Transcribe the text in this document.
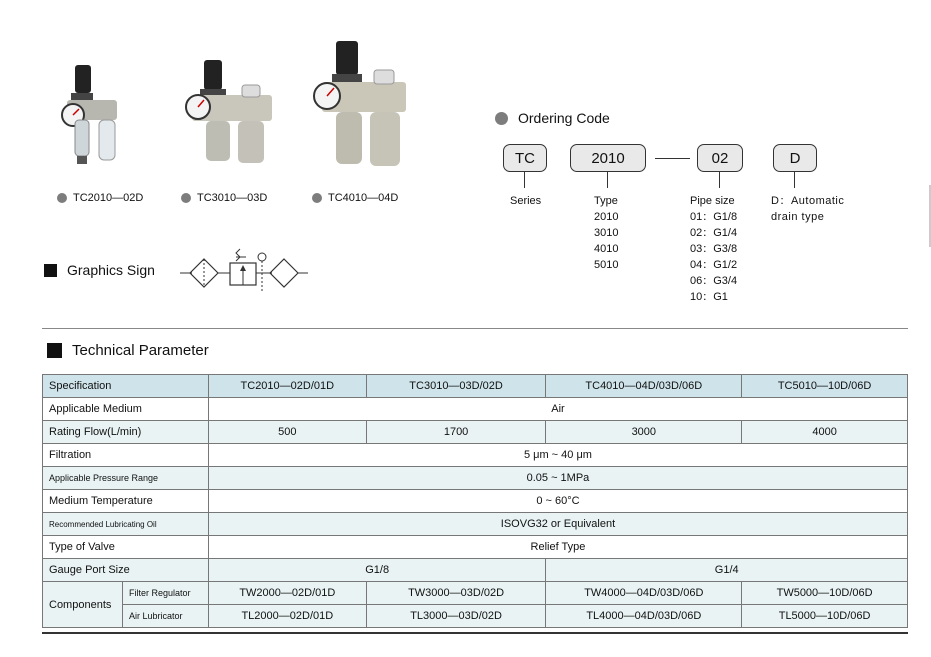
TC2010—02D	TC3010—03D	TC4010—04D
Graphics Sign
Ordering Code
TC	2010	02	D
Series	Type
2010
3010
4010
5010
Pipe size
01：G1/8
02：G1/4
03：G3/8
04：G1/2
06：G3/4
10：G1
D：Automatic
drain type
Technical Parameter
Specification		TC2010—02D/01D	TC3010—03D/02D	TC4010—04D/03D/06D	TC5010—10D/06D
Applicable Medium		Air			
Rating Flow(L/min)		500	1700	3000	4000
Filtration		5 μm ~ 40 μm			
Applicable Pressure Range		0.05 ~ 1MPa			
Medium Temperature		0 ~ 60°C			
Recommended Lubricating Oil		ISOVG32 or Equivalent			
Type of Valve		Relief Type			
Gauge Port Size		G1/8		G1/4	
Components	Filter Regulator	TW2000—02D/01D	TW3000—03D/02D	TW4000—04D/03D/06D	TW5000—10D/06D
	Air Lubricator	TL2000—02D/01D	TL3000—03D/02D	TL4000—04D/03D/06D	TL5000—10D/06D
